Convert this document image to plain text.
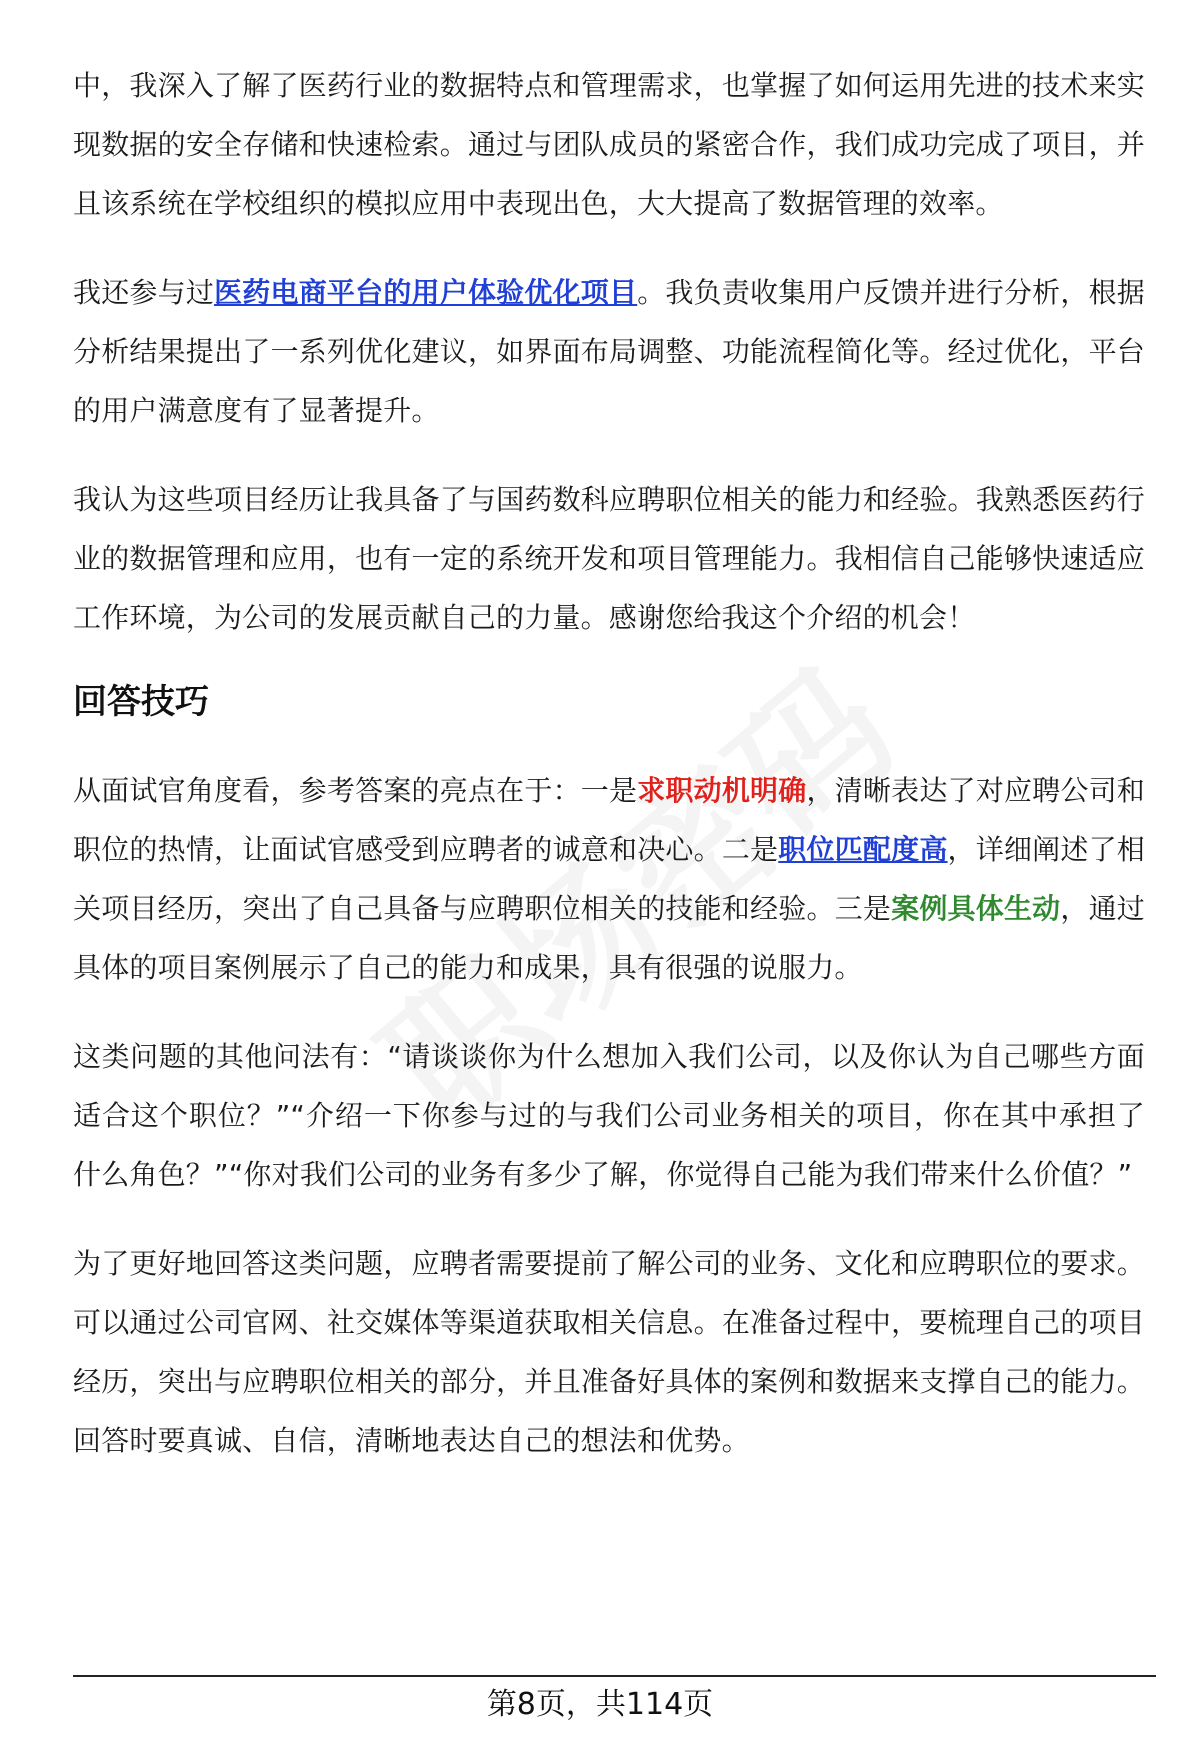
中，我深入了解了医药行业的数据特点和管理需求，也掌握了如何运用先进的技术来实现数据的安全存储和快速检索。通过与团队成员的紧密合作，我们成功完成了项目，并且该系统在学校组织的模拟应用中表现出色，大大提高了数据管理的效率。

我还参与过医药电商平台的用户体验优化项目。我负责收集用户反馈并进行分析，根据分析结果提出了一系列优化建议，如界面布局调整、功能流程简化等。经过优化，平台的用户满意度有了显著提升。

我认为这些项目经历让我具备了与国药数科应聘职位相关的能力和经验。我熟悉医药行业的数据管理和应用，也有一定的系统开发和项目管理能力。我相信自己能够快速适应工作环境，为公司的发展贡献自己的力量。感谢您给我这个介绍的机会！

回答技巧

从面试官角度看，参考答案的亮点在于：一是求职动机明确，清晰表达了对应聘公司和职位的热情，让面试官感受到应聘者的诚意和决心。二是职位匹配度高，详细阐述了相关项目经历，突出了自己具备与应聘职位相关的技能和经验。三是案例具体生动，通过具体的项目案例展示了自己的能力和成果，具有很强的说服力。

这类问题的其他问法有：“请谈谈你为什么想加入我们公司，以及你认为自己哪些方面适合这个职位？”“介绍一下你参与过的与我们公司业务相关的项目，你在其中承担了什么角色？”“你对我们公司的业务有多少了解，你觉得自己能为我们带来什么价值？”

为了更好地回答这类问题，应聘者需要提前了解公司的业务、文化和应聘职位的要求。可以通过公司官网、社交媒体等渠道获取相关信息。在准备过程中，要梳理自己的项目经历，突出与应聘职位相关的部分，并且准备好具体的案例和数据来支撑自己的能力。回答时要真诚、自信，清晰地表达自己的想法和优势。

第8页，共114页
